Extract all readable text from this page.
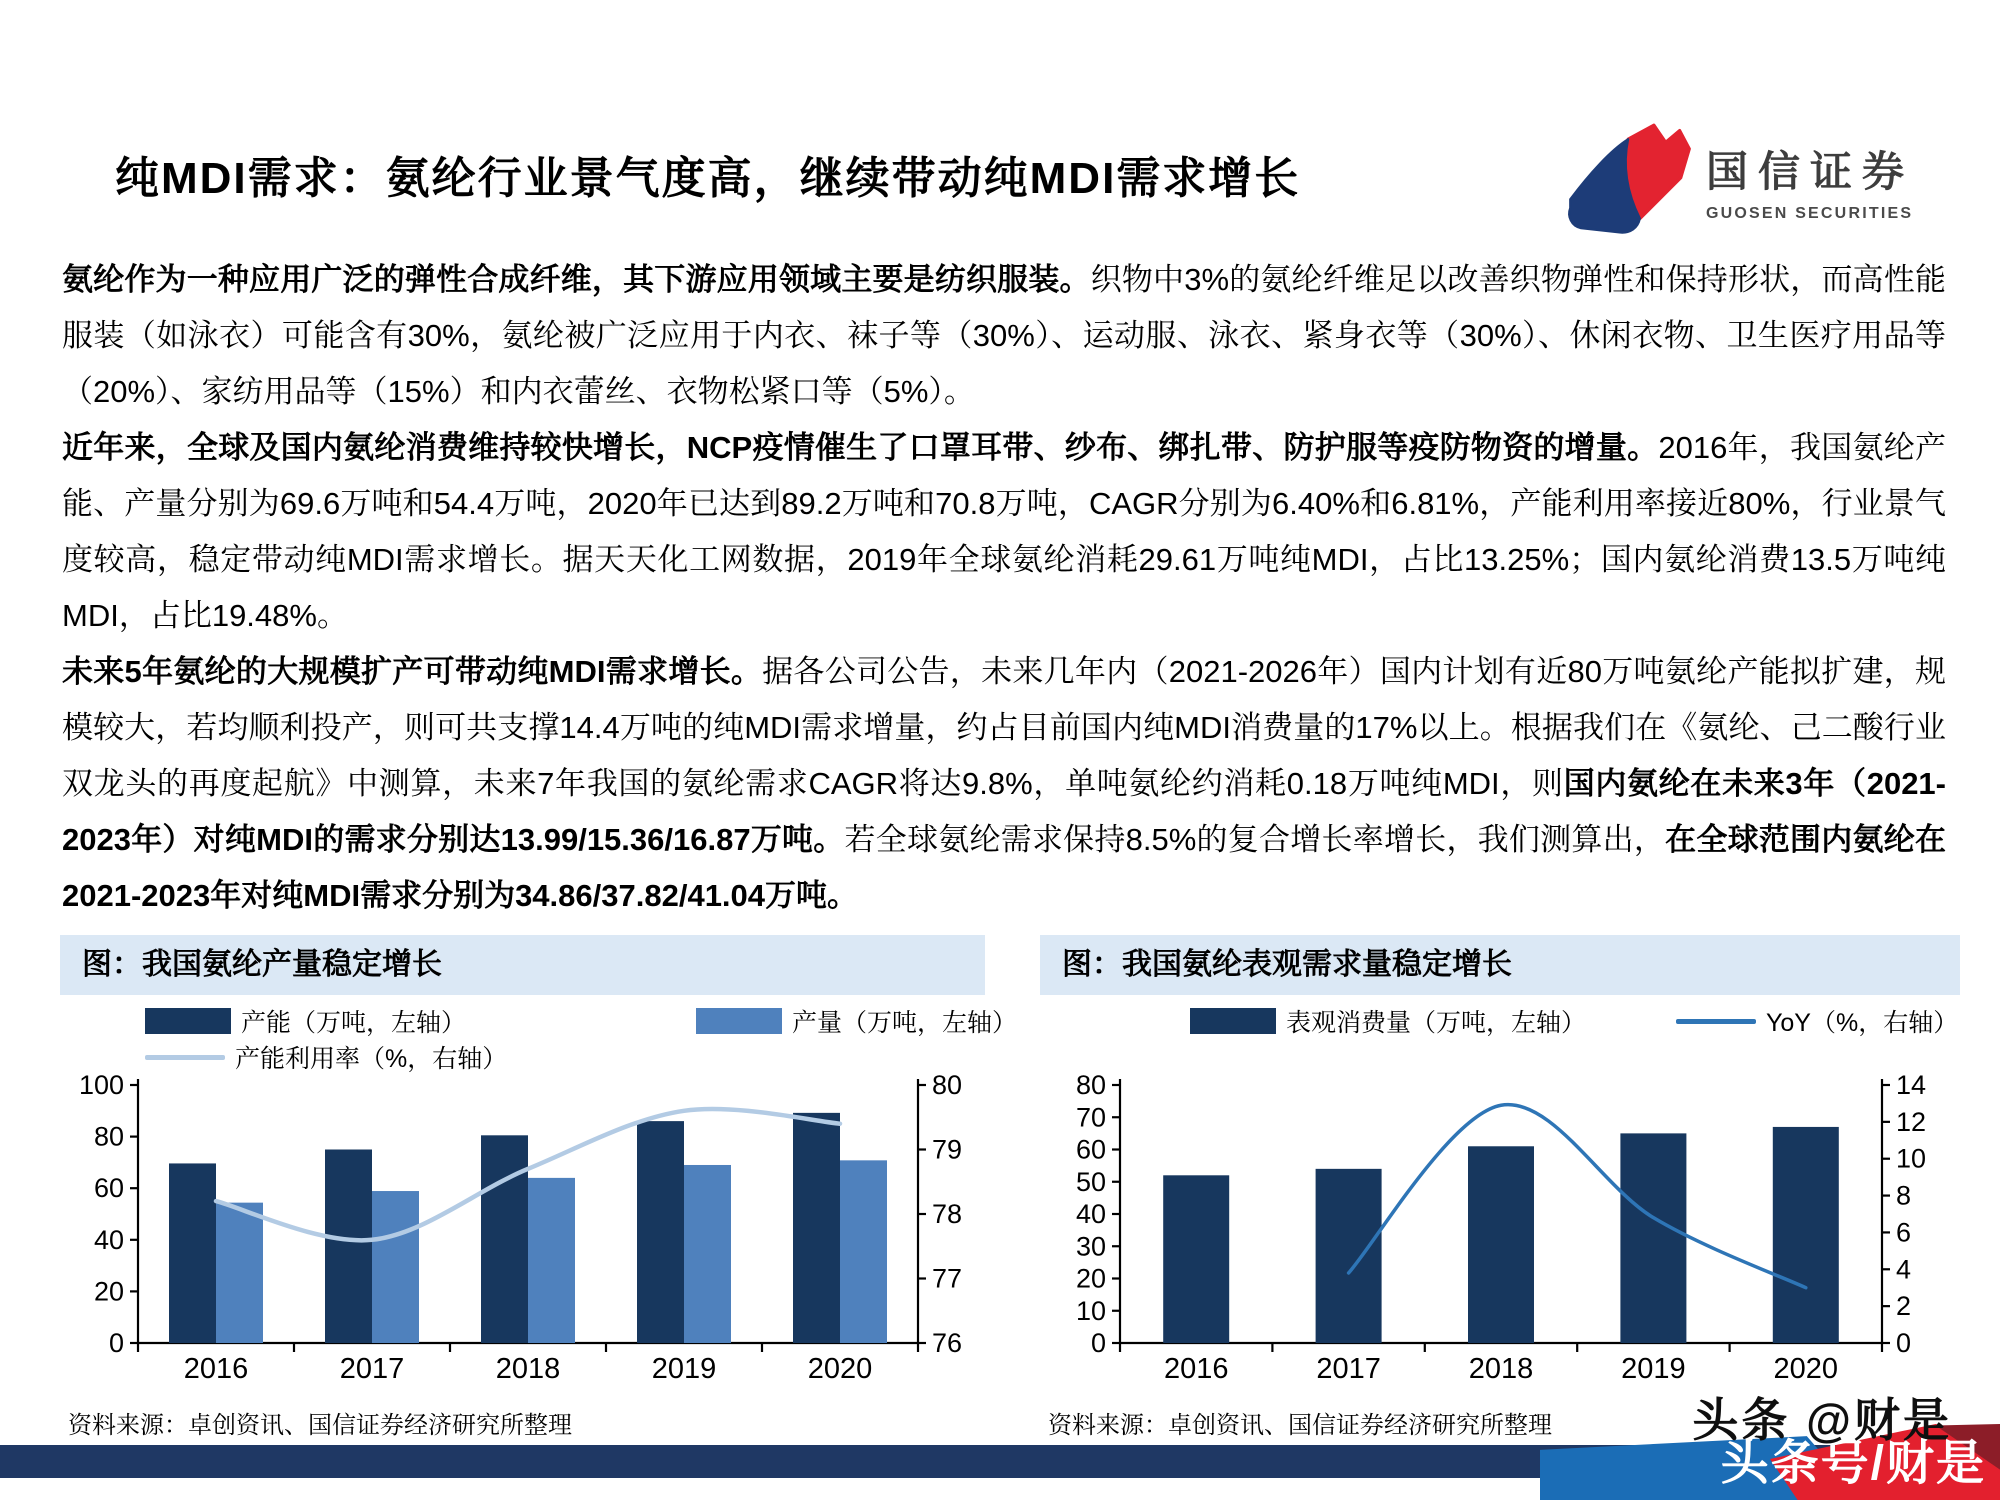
纯MDI需求：氨纶行业景气度高，继续带动纯MDI需求增长	国信证券
GUOSEN SECURITIES

氨纶作为一种应用广泛的弹性合成纤维，其下游应用领域主要是纺织服装。织物中3%的氨纶纤维足以改善织物弹性和保持形状，而高性能服装（如泳衣）可能含有30%，氨纶被广泛应用于内衣、袜子等（30%）、运动服、泳衣、紧身衣等（30%）、休闲衣物、卫生医疗用品等（20%）、家纺用品等（15%）和内衣蕾丝、衣物松紧口等（5%）。

近年来，全球及国内氨纶消费维持较快增长，NCP疫情催生了口罩耳带、纱布、绑扎带、防护服等疫防物资的增量。2016年，我国氨纶产能、产量分别为69.6万吨和54.4万吨，2020年已达到89.2万吨和70.8万吨，CAGR分别为6.40%和6.81%，产能利用率接近80%，行业景气度较高，稳定带动纯MDI需求增长。据天天化工网数据，2019年全球氨纶消耗29.61万吨纯MDI，占比13.25%；国内氨纶消费13.5万吨纯MDI，占比19.48%。

未来5年氨纶的大规模扩产可带动纯MDI需求增长。据各公司公告，未来几年内（2021-2026年）国内计划有近80万吨氨纶产能拟扩建，规模较大，若均顺利投产，则可共支撑14.4万吨的纯MDI需求增量，约占目前国内纯MDI消费量的17%以上。根据我们在《氨纶、己二酸行业双龙头的再度起航》中测算，未来7年我国的氨纶需求CAGR将达9.8%，单吨氨纶约消耗0.18万吨纯MDI，则国内氨纶在未来3年（2021-2023年）对纯MDI的需求分别达13.99/15.36/16.87万吨。若全球氨纶需求保持8.5%的复合增长率增长，我们测算出，在全球范围内氨纶在2021-2023年对纯MDI需求分别为34.86/37.82/41.04万吨。

图：我国氨纶产量稳定增长
产能（万吨，左轴）	产量（万吨，左轴）
产能利用率（%，右轴）
0
20
40
60
80
100
76
77
78
79
80
2016	2017	2018	2019	2020
资料来源：卓创资讯、国信证券经济研究所整理
图：我国氨纶表观需求量稳定增长
表观消费量（万吨，左轴）	YoY（%，右轴）
0
10
20
30
40
50
60
70
80
0
2
4
6
8
10
12
14
2016	2017	2018	2019	2020
资料来源：卓创资讯、国信证券经济研究所整理
头条号/财是
头条 @财是
